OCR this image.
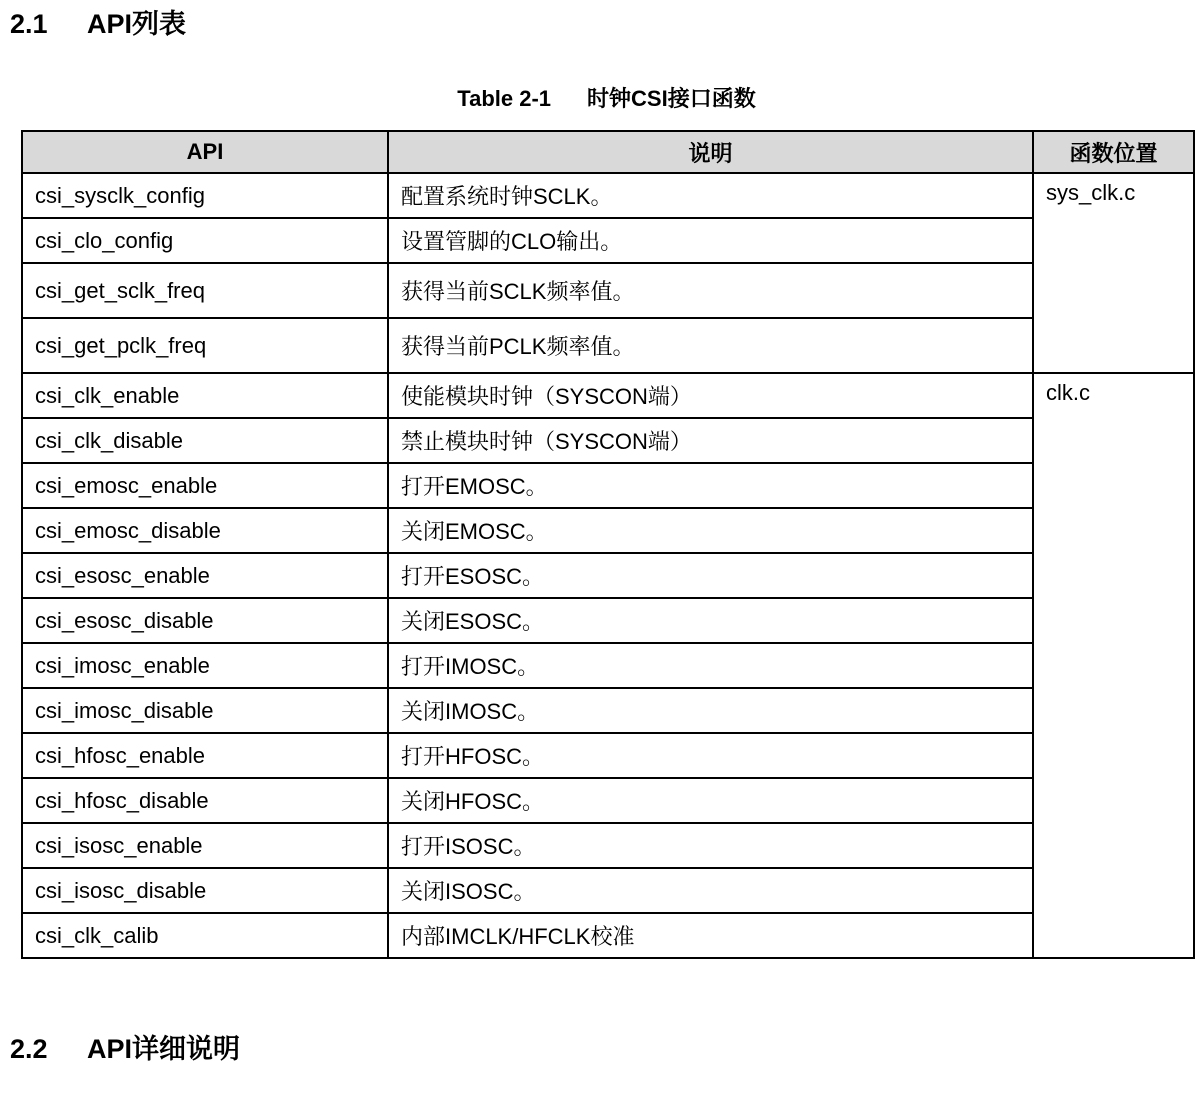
2.1 API列表
Table 2-1 时钟CSI接口函数
API	说明	函数位置
csi_sysclk_config	配置系统时钟SCLK。	sys_clk.c
csi_clo_config	设置管脚的CLO输出。	
csi_get_sclk_freq	获得当前SCLK频率值。	
csi_get_pclk_freq	获得当前PCLK频率值。	
csi_clk_enable	使能模块时钟（SYSCON端）	clk.c
csi_clk_disable	禁止模块时钟（SYSCON端）	
csi_emosc_enable	打开EMOSC。	
csi_emosc_disable	关闭EMOSC。	
csi_esosc_enable	打开ESOSC。	
csi_esosc_disable	关闭ESOSC。	
csi_imosc_enable	打开IMOSC。	
csi_imosc_disable	关闭IMOSC。	
csi_hfosc_enable	打开HFOSC。	
csi_hfosc_disable	关闭HFOSC。	
csi_isosc_enable	打开ISOSC。	
csi_isosc_disable	关闭ISOSC。	
csi_clk_calib	内部IMCLK/HFCLK校准	
2.2 API详细说明
